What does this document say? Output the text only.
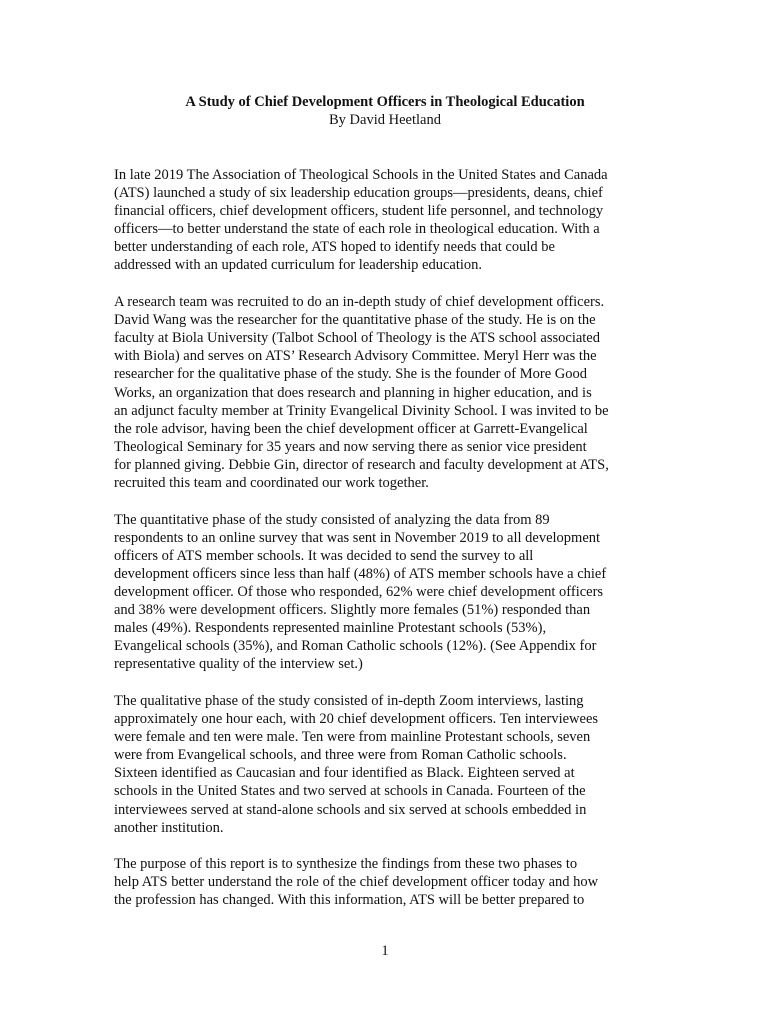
A Study of Chief Development Officers in Theological Education
By David Heetland
In late 2019 The Association of Theological Schools in the United States and Canada
(ATS) launched a study of six leadership education groups—presidents, deans, chief
financial officers, chief development officers, student life personnel, and technology
officers—to better understand the state of each role in theological education. With a
better understanding of each role, ATS hoped to identify needs that could be
addressed with an updated curriculum for leadership education.
A research team was recruited to do an in-depth study of chief development officers.
David Wang was the researcher for the quantitative phase of the study. He is on the
faculty at Biola University (Talbot School of Theology is the ATS school associated
with Biola) and serves on ATS’ Research Advisory Committee. Meryl Herr was the
researcher for the qualitative phase of the study. She is the founder of More Good
Works, an organization that does research and planning in higher education, and is
an adjunct faculty member at Trinity Evangelical Divinity School. I was invited to be
the role advisor, having been the chief development officer at Garrett-Evangelical
Theological Seminary for 35 years and now serving there as senior vice president
for planned giving. Debbie Gin, director of research and faculty development at ATS,
recruited this team and coordinated our work together.
The quantitative phase of the study consisted of analyzing the data from 89
respondents to an online survey that was sent in November 2019 to all development
officers of ATS member schools. It was decided to send the survey to all
development officers since less than half (48%) of ATS member schools have a chief
development officer. Of those who responded, 62% were chief development officers
and 38% were development officers. Slightly more females (51%) responded than
males (49%). Respondents represented mainline Protestant schools (53%),
Evangelical schools (35%), and Roman Catholic schools (12%). (See Appendix for
representative quality of the interview set.)
The qualitative phase of the study consisted of in-depth Zoom interviews, lasting
approximately one hour each, with 20 chief development officers. Ten interviewees
were female and ten were male. Ten were from mainline Protestant schools, seven
were from Evangelical schools, and three were from Roman Catholic schools.
Sixteen identified as Caucasian and four identified as Black. Eighteen served at
schools in the United States and two served at schools in Canada. Fourteen of the
interviewees served at stand-alone schools and six served at schools embedded in
another institution.
The purpose of this report is to synthesize the findings from these two phases to
help ATS better understand the role of the chief development officer today and how
the profession has changed. With this information, ATS will be better prepared to
1
